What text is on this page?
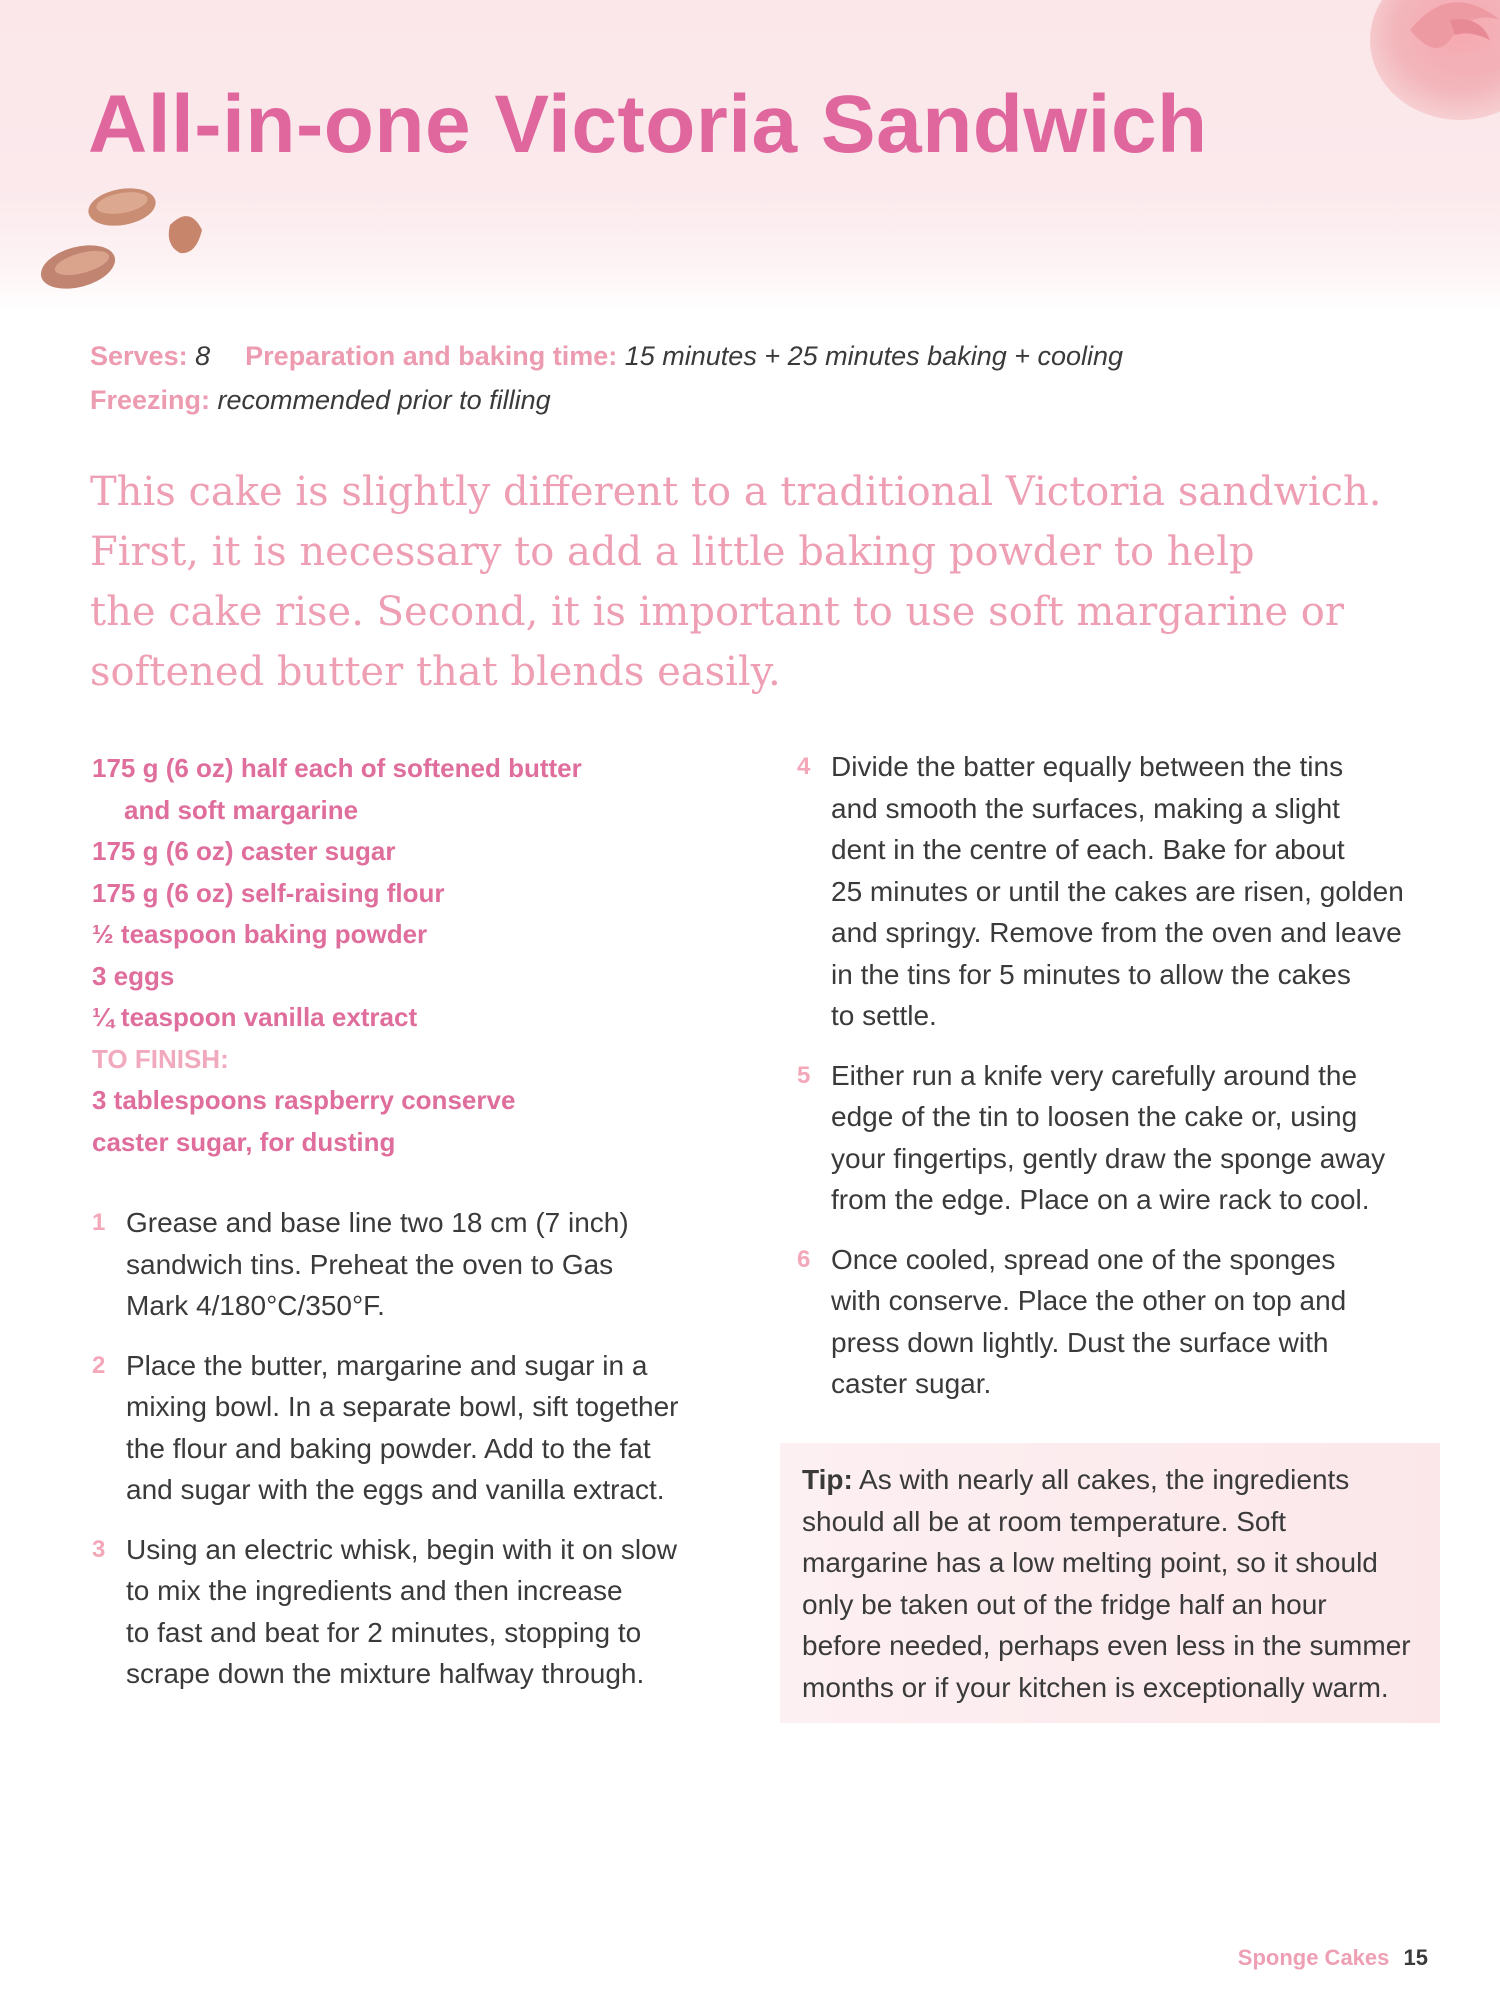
All-in-one Victoria Sandwich
Serves: 8 Preparation and baking time: 15 minutes + 25 minutes baking + cooling
Freezing: recommended prior to filling

This cake is slightly different to a traditional Victoria sandwich.
First, it is necessary to add a little baking powder to help
the cake rise. Second, it is important to use soft margarine or
softened butter that blends easily.

175 g (6 oz) half each of softened butter
and soft margarine
175 g (6 oz) caster sugar
175 g (6 oz) self-raising flour
½ teaspoon baking powder
3 eggs
¼ teaspoon vanilla extract
TO FINISH:
3 tablespoons raspberry conserve
caster sugar, for dusting
1 Grease and base line two 18 cm (7 inch)
sandwich tins. Preheat the oven to Gas
Mark 4/180°C/350°F.
2 Place the butter, margarine and sugar in a
mixing bowl. In a separate bowl, sift together
the flour and baking powder. Add to the fat
and sugar with the eggs and vanilla extract.
3 Using an electric whisk, begin with it on slow
to mix the ingredients and then increase
to fast and beat for 2 minutes, stopping to
scrape down the mixture halfway through.
4 Divide the batter equally between the tins
and smooth the surfaces, making a slight
dent in the centre of each. Bake for about
25 minutes or until the cakes are risen, golden
and springy. Remove from the oven and leave
in the tins for 5 minutes to allow the cakes
to settle.
5 Either run a knife very carefully around the
edge of the tin to loosen the cake or, using
your fingertips, gently draw the sponge away
from the edge. Place on a wire rack to cool.
6 Once cooled, spread one of the sponges
with conserve. Place the other on top and
press down lightly. Dust the surface with
caster sugar.
Tip: As with nearly all cakes, the ingredients
should all be at room temperature. Soft
margarine has a low melting point, so it should
only be taken out of the fridge half an hour
before needed, perhaps even less in the summer
months or if your kitchen is exceptionally warm.
Sponge Cakes 15
